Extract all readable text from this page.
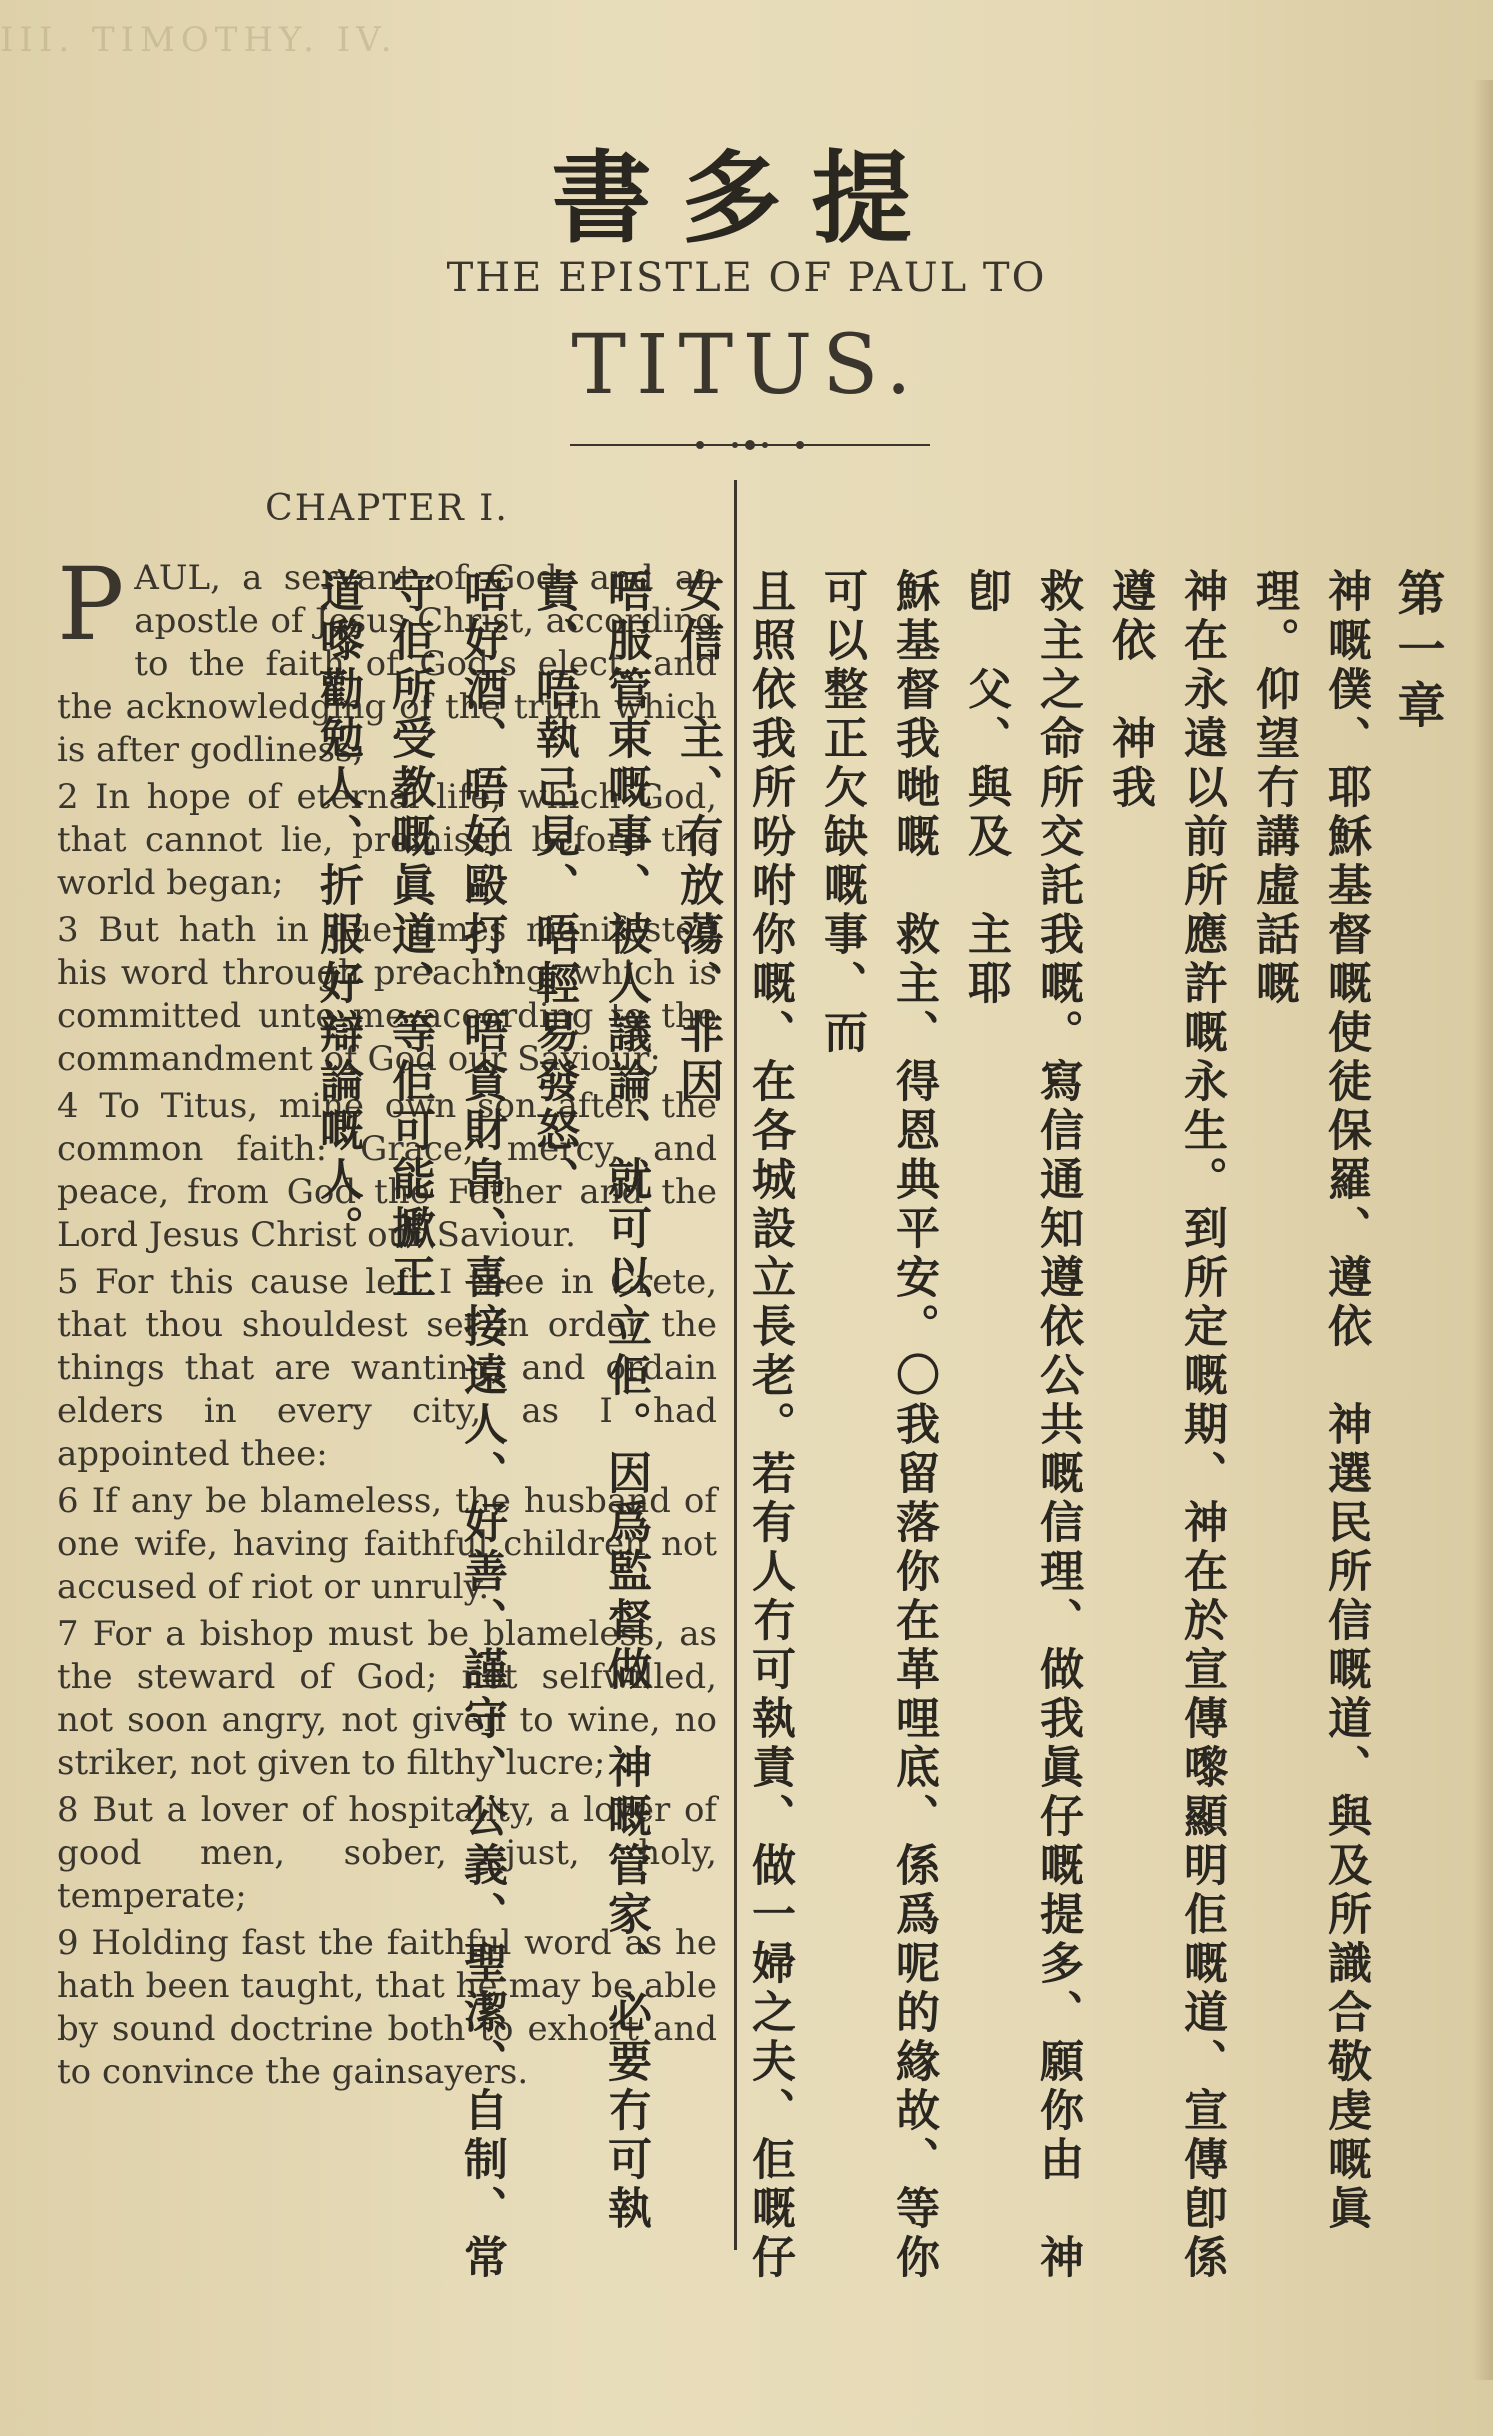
III. TIMOTHY. IV.
書多提
THE EPISTLE OF PAUL TO
TITUS.
CHAPTER I.

PAUL, a servant of God, and an apostle of Jesus Christ, according to the faith of God’s elect, and the acknowledging of the truth which is after godliness;

2 In hope of eternal life, which God, that cannot lie, promised before the world began;

3 But hath in due times manifested his word through preaching, which is committed unto me according to the commandment of God our Saviour;

4 To Titus, mine own son after the common faith: Grace, mercy, and peace, from God the Father and the Lord Jesus Christ our Saviour.

5 For this cause left I thee in Crete, that thou shouldest set in order the things that are wanting, and ordain elders in every city, as I had appointed thee:

6 If any be blameless, the husband of one wife, having faithful children not accused of riot or unruly.

7 For a bishop must be blameless, as the steward of God; not selfwilled, not soon angry, not given to wine, no striker, not given to filthy lucre;

8 But a lover of hospitality, a lover of good men, sober, just, holy, temperate;

9 Holding fast the faithful word as he hath been taught, that he may be able by sound doctrine both to exhort and to convince the gainsayers.

第一章
神嘅僕、耶穌基督嘅使徒保羅、遵依　神選民所信嘅道、與及所識合敬虔嘅眞理。仰望冇講虛話嘅
神在永遠以前所應許嘅永生。到所定嘅期、神在於宣傳嚟顯明佢嘅道、宣傳卽係遵依　神我
救主之命所交託我嘅。寫信通知遵依公共嘅信理、做我眞仔嘅提多、願你由　神卽　父、與及　主耶
穌基督我哋嘅　救主、得恩典平安。〇我留落你在革哩底、係爲呢的緣故、等你可以整正欠缺嘅事、而
且照依我所吩咐你嘅、在各城設立長老。若有人冇可執責、做一婦之夫、佢嘅仔女信　主、冇放蕩、非因
唔服管束嘅事、被人議論、就可以立佢。因爲監督做　神嘅管家、必要冇可執責、唔執己見、唔輕易發怒、
唔好酒、唔好毆打、唔貪財帛、喜接遠人、好善、謹守、公義、聖潔、自制、常守佢所受教嘅眞道、等佢可能擨正
道嚟勸勉人、折服好辯論嘅人。
